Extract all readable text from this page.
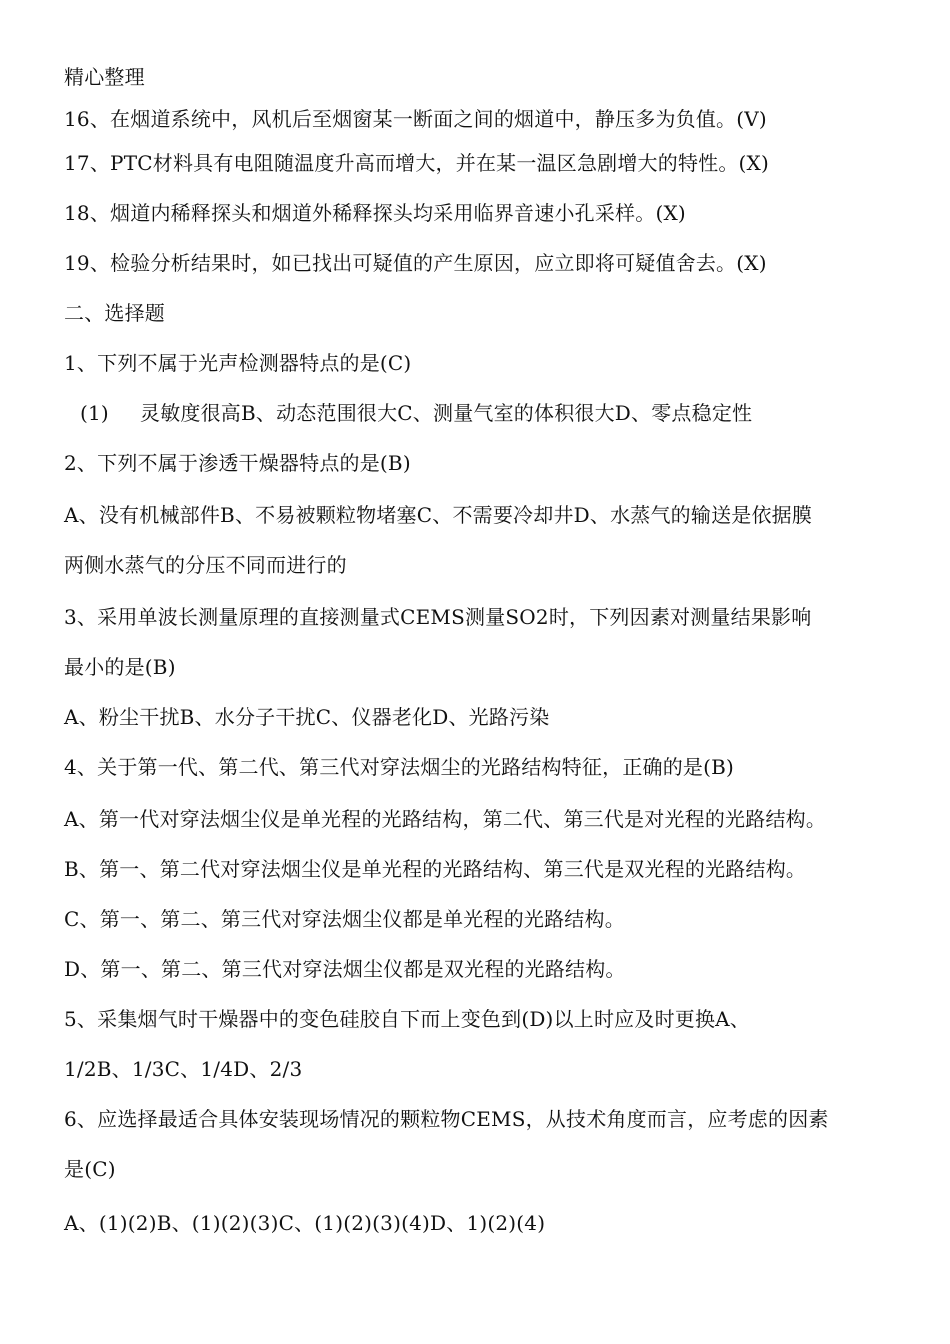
精心整理
16、在烟道系统中，风机后至烟窗某一断面之间的烟道中，静压多为负值。(V)
17、PTC材料具有电阻随温度升高而增大，并在某一温区急剧增大的特性。(X)
18、烟道内稀释探头和烟道外稀释探头均采用临界音速小孔采样。(X)
19、检验分析结果时，如已找出可疑值的产生原因，应立即将可疑值舍去。(X)
二、选择题
1、下列不属于光声检测器特点的是(C)
(1) 灵敏度很高B、动态范围很大C、测量气室的体积很大D、零点稳定性
2、下列不属于渗透干燥器特点的是(B)
A、没有机械部件B、不易被颗粒物堵塞C、不需要冷却井D、水蒸气的输送是依据膜
两侧水蒸气的分压不同而进行的
3、采用单波长测量原理的直接测量式CEMS测量SO2时，下列因素对测量结果影响
最小的是(B)
A、粉尘干扰B、水分子干扰C、仪器老化D、光路污染
4、关于第一代、第二代、第三代对穿法烟尘的光路结构特征，正确的是(B)
A、第一代对穿法烟尘仪是单光程的光路结构，第二代、第三代是对光程的光路结构。
B、第一、第二代对穿法烟尘仪是单光程的光路结构、第三代是双光程的光路结构。
C、第一、第二、第三代对穿法烟尘仪都是单光程的光路结构。
D、第一、第二、第三代对穿法烟尘仪都是双光程的光路结构。
5、采集烟气时干燥器中的变色硅胶自下而上变色到(D)以上时应及时更换A、
1/2B、1/3C、1/4D、2/3
6、应选择最适合具体安装现场情况的颗粒物CEMS，从技术角度而言，应考虑的因素
是(C)
A、(1)(2)B、(1)(2)(3)C、(1)(2)(3)(4)D、1)(2)(4)
